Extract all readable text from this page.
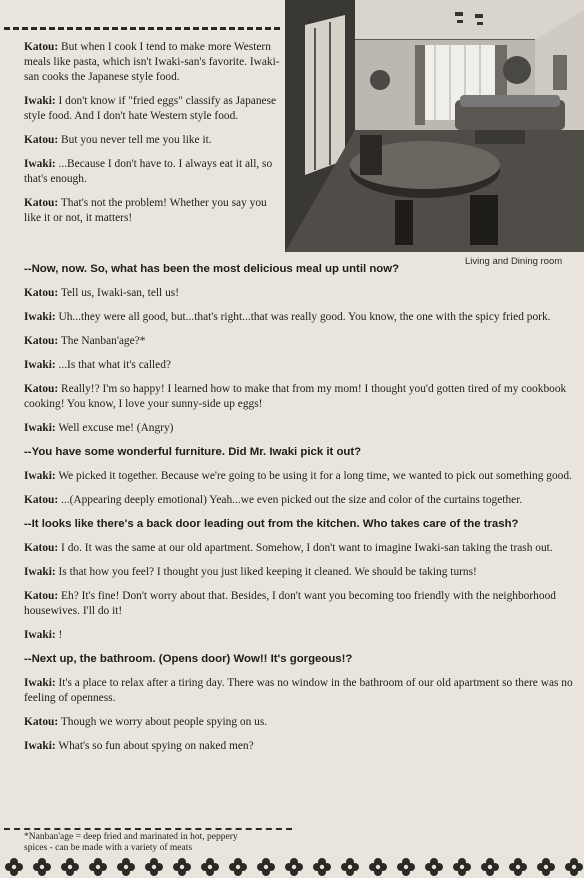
Living and Dining room

Katou: But when I cook I tend to make more Western meals like pasta, which isn't Iwaki-san's favorite. Iwaki-san cooks the Japanese style food.

Iwaki: I don't know if "fried eggs" classify as Japanese style food. And I don't hate Western style food.

Katou: But you never tell me you like it.

Iwaki: ...Because I don't have to. I always eat it all, so that's enough.

Katou: That's not the problem! Whether you say you like it or not, it matters!

--Now, now. So, what has been the most delicious meal up until now?

Katou: Tell us, Iwaki-san, tell us!

Iwaki: Uh...they were all good, but...that's right...that was really good. You know, the one with the spicy fried pork.

Katou: The Nanban'age?*

Iwaki: ...Is that what it's called?

Katou: Really!? I'm so happy! I learned how to make that from my mom! I thought you'd gotten tired of my cookbook cooking! You know, I love your sunny-side up eggs!

Iwaki: Well excuse me! (Angry)

--You have some wonderful furniture. Did Mr. Iwaki pick it out?

Iwaki: We picked it together. Because we're going to be using it for a long time, we wanted to pick out something good.

Katou: ...(Appearing deeply emotional) Yeah...we even picked out the size and color of the curtains together.

--It looks like there's a back door leading out from the kitchen. Who takes care of the trash?

Katou: I do. It was the same at our old apartment. Somehow, I don't want to imagine Iwaki-san taking the trash out.

Iwaki: Is that how you feel? I thought you just liked keeping it cleaned. We should be taking turns!

Katou: Eh? It's fine! Don't worry about that. Besides, I don't want you becoming too friendly with the neighborhood housewives. I'll do it!

Iwaki: !

--Next up, the bathroom. (Opens door) Wow!! It's gorgeous!?

Iwaki: It's a place to relax after a tiring day. There was no window in the bathroom of our old apartment so there was no feeling of openness.

Katou: Though we worry about people spying on us.

Iwaki: What's so fun about spying on naked men?

*Nanban'age = deep fried and marinated in hot, peppery
spices - can be made with a variety of meats
